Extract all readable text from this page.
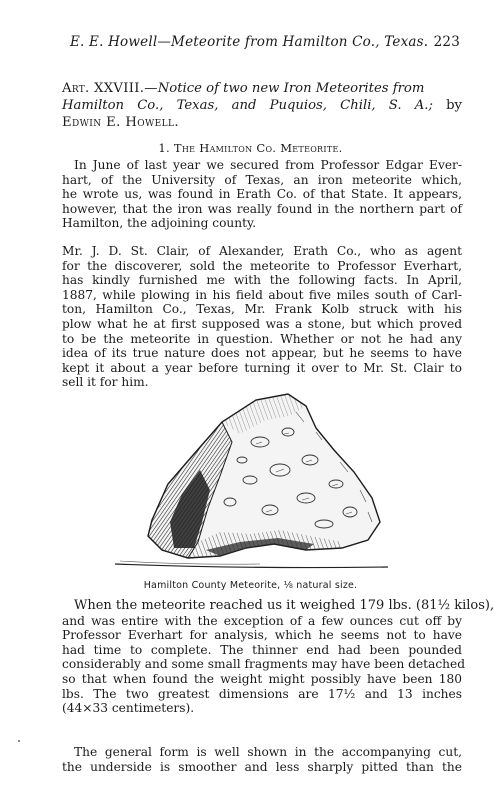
E. E. Howell—Meteorite from Hamilton Co., Texas. 223
Art. XXVIII.—Notice of two new Iron Meteorites from
Hamilton Co., Texas, and Puquios, Chili, S. A.; by
Edwin E. Howell.
1. The Hamilton Co. Meteorite.

In June of last year we secured from Professor Edgar Ever-
hart, of the University of Texas, an iron meteorite which,
he wrote us, was found in Erath Co. of that State. It appears,
however, that the iron was really found in the northern part of
Hamilton, the adjoining county.

Mr. J. D. St. Clair, of Alexander, Erath Co., who as agent
for the discoverer, sold the meteorite to Professor Everhart,
has kindly furnished me with the following facts. In April,
1887, while plowing in his field about five miles south of Carl-
ton, Hamilton Co., Texas, Mr. Frank Kolb struck with his
plow what he at first supposed was a stone, but which proved
to be the meteorite in question. Whether or not he had any
idea of its true nature does not appear, but he seems to have
kept it about a year before turning it over to Mr. St. Clair to
sell it for him.

Hamilton County Meteorite, ⅛ natural size.

When the meteorite reached us it weighed 179 lbs. (81½ kilos),
and was entire with the exception of a few ounces cut off by
Professor Everhart for analysis, which he seems not to have
had time to complete. The thinner end had been pounded
considerably and some small fragments may have been detached
so that when found the weight might possibly have been 180
lbs. The two greatest dimensions are 17½ and 13 inches
(44×33 centimeters).

The general form is well shown in the accompanying cut,
the underside is smoother and less sharply pitted than the
